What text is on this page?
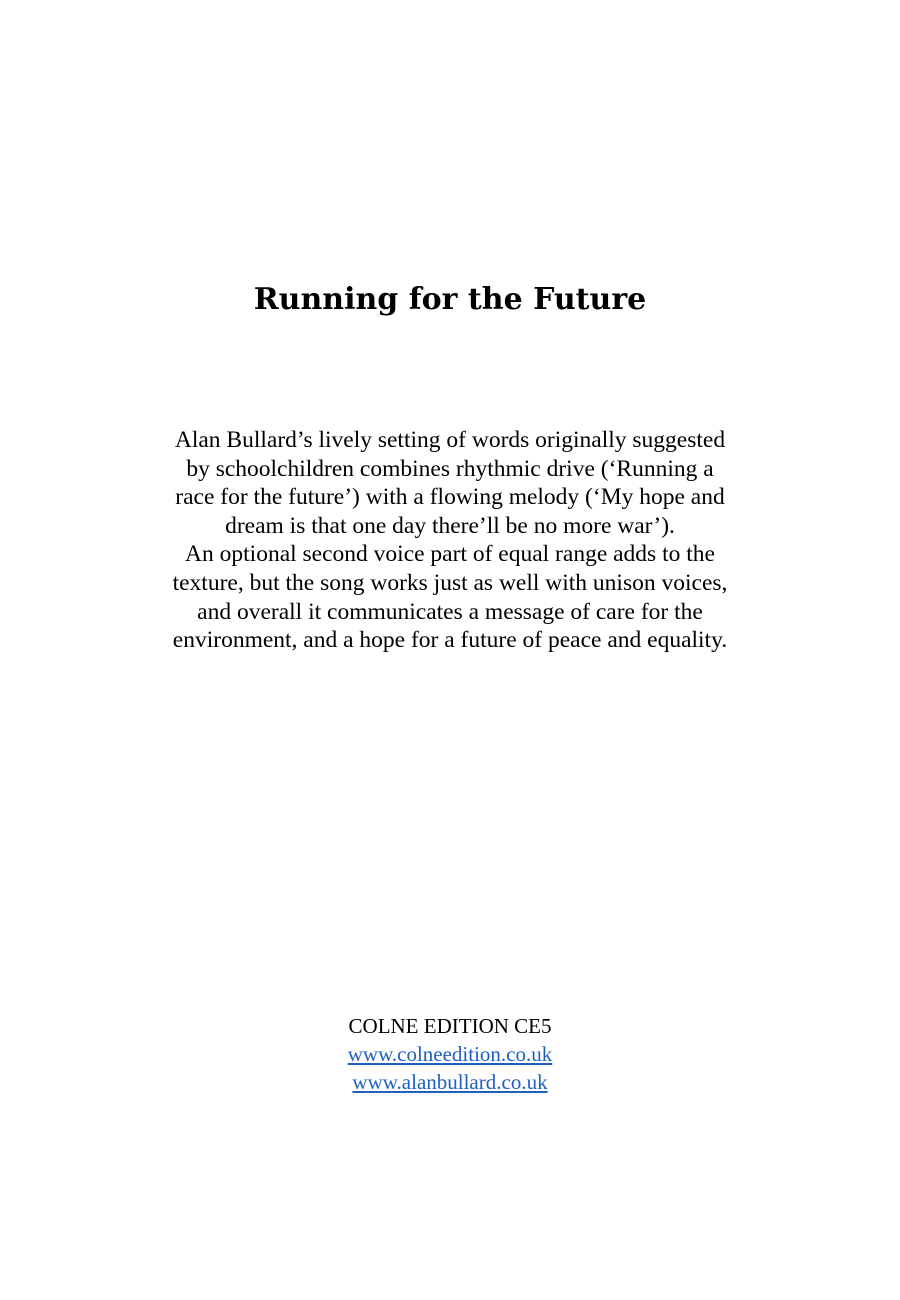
Running for the Future

Alan Bullard’s lively setting of words originally suggested
by schoolchildren combines rhythmic drive (‘Running a
race for the future’) with a flowing melody (‘My hope and
dream is that one day there’ll be no more war’).
An optional second voice part of equal range adds to the
texture, but the song works just as well with unison voices,
and overall it communicates a message of care for the
environment, and a hope for a future of peace and equality.

COLNE EDITION CE5
www.colneedition.co.uk
www.alanbullard.co.uk
